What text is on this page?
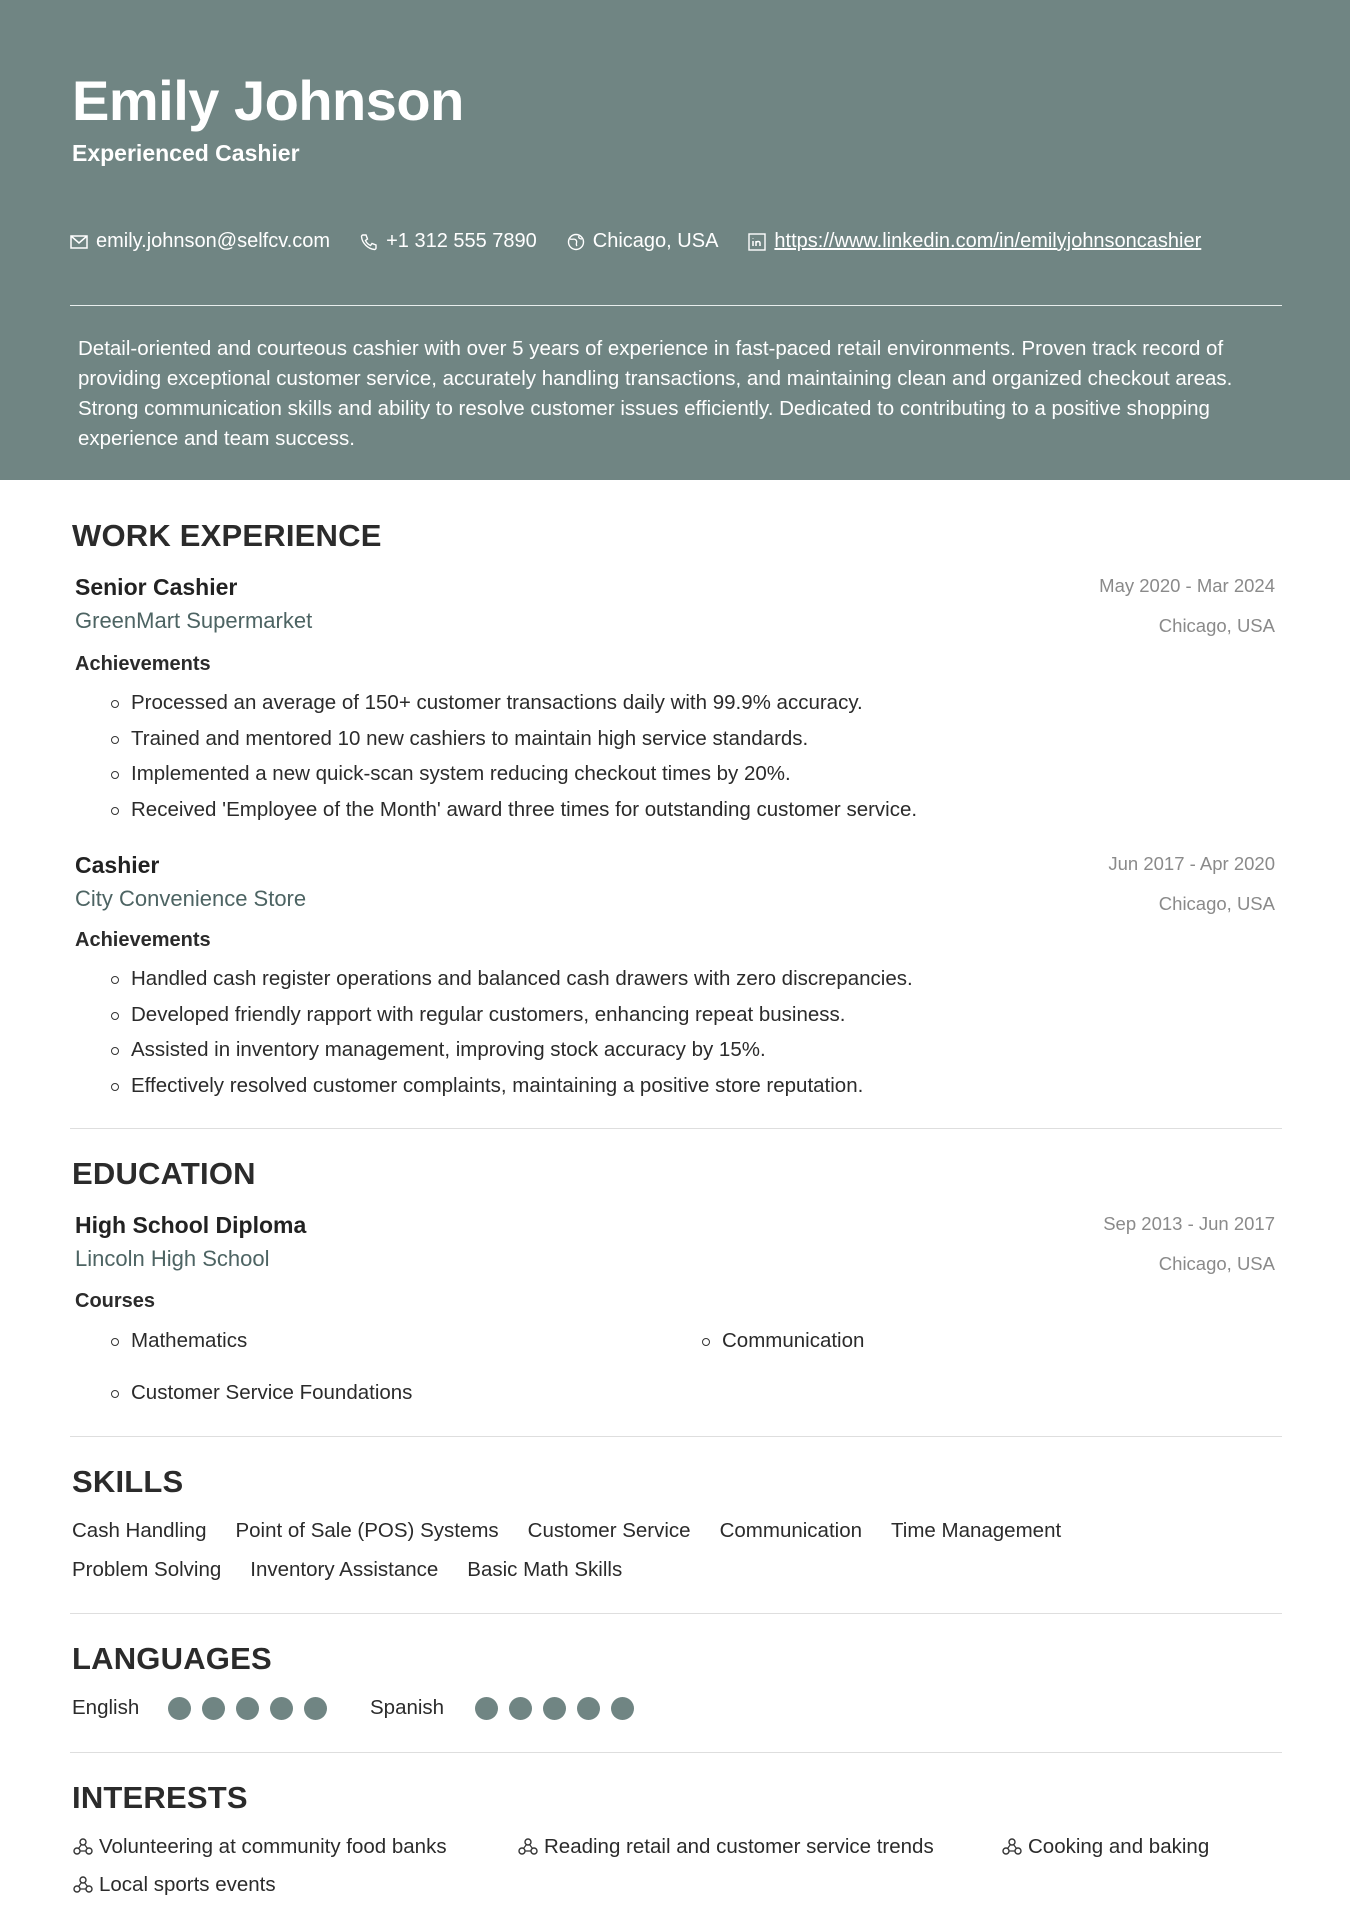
Emily Johnson
Experienced Cashier
emily.johnson@selfcv.com	+1 312 555 7890	Chicago, USA	https://www.linkedin.com/in/emilyjohnsoncashier
Detail-oriented and courteous cashier with over 5 years of experience in fast-paced retail environments. Proven track record of providing exceptional customer service, accurately handling transactions, and maintaining clean and organized checkout areas. Strong communication skills and ability to resolve customer issues efficiently. Dedicated to contributing to a positive shopping experience and team success.
WORK EXPERIENCE
Senior Cashier
GreenMart Supermarket
May 2020 - Mar 2024
Chicago, USA
Achievements
Processed an average of 150+ customer transactions daily with 99.9% accuracy.
Trained and mentored 10 new cashiers to maintain high service standards.
Implemented a new quick-scan system reducing checkout times by 20%.
Received 'Employee of the Month' award three times for outstanding customer service.
Cashier
City Convenience Store
Jun 2017 - Apr 2020
Chicago, USA
Achievements
Handled cash register operations and balanced cash drawers with zero discrepancies.
Developed friendly rapport with regular customers, enhancing repeat business.
Assisted in inventory management, improving stock accuracy by 15%.
Effectively resolved customer complaints, maintaining a positive store reputation.
EDUCATION
High School Diploma
Lincoln High School
Sep 2013 - Jun 2017
Chicago, USA
Courses
Mathematics	Communication
Customer Service Foundations
SKILLS
Cash Handling Point of Sale (POS) Systems Customer Service Communication Time Management
Problem Solving Inventory Assistance Basic Math Skills
LANGUAGES
English	Spanish
INTERESTS
Volunteering at community food banks	Reading retail and customer service trends	Cooking and baking
Local sports events
